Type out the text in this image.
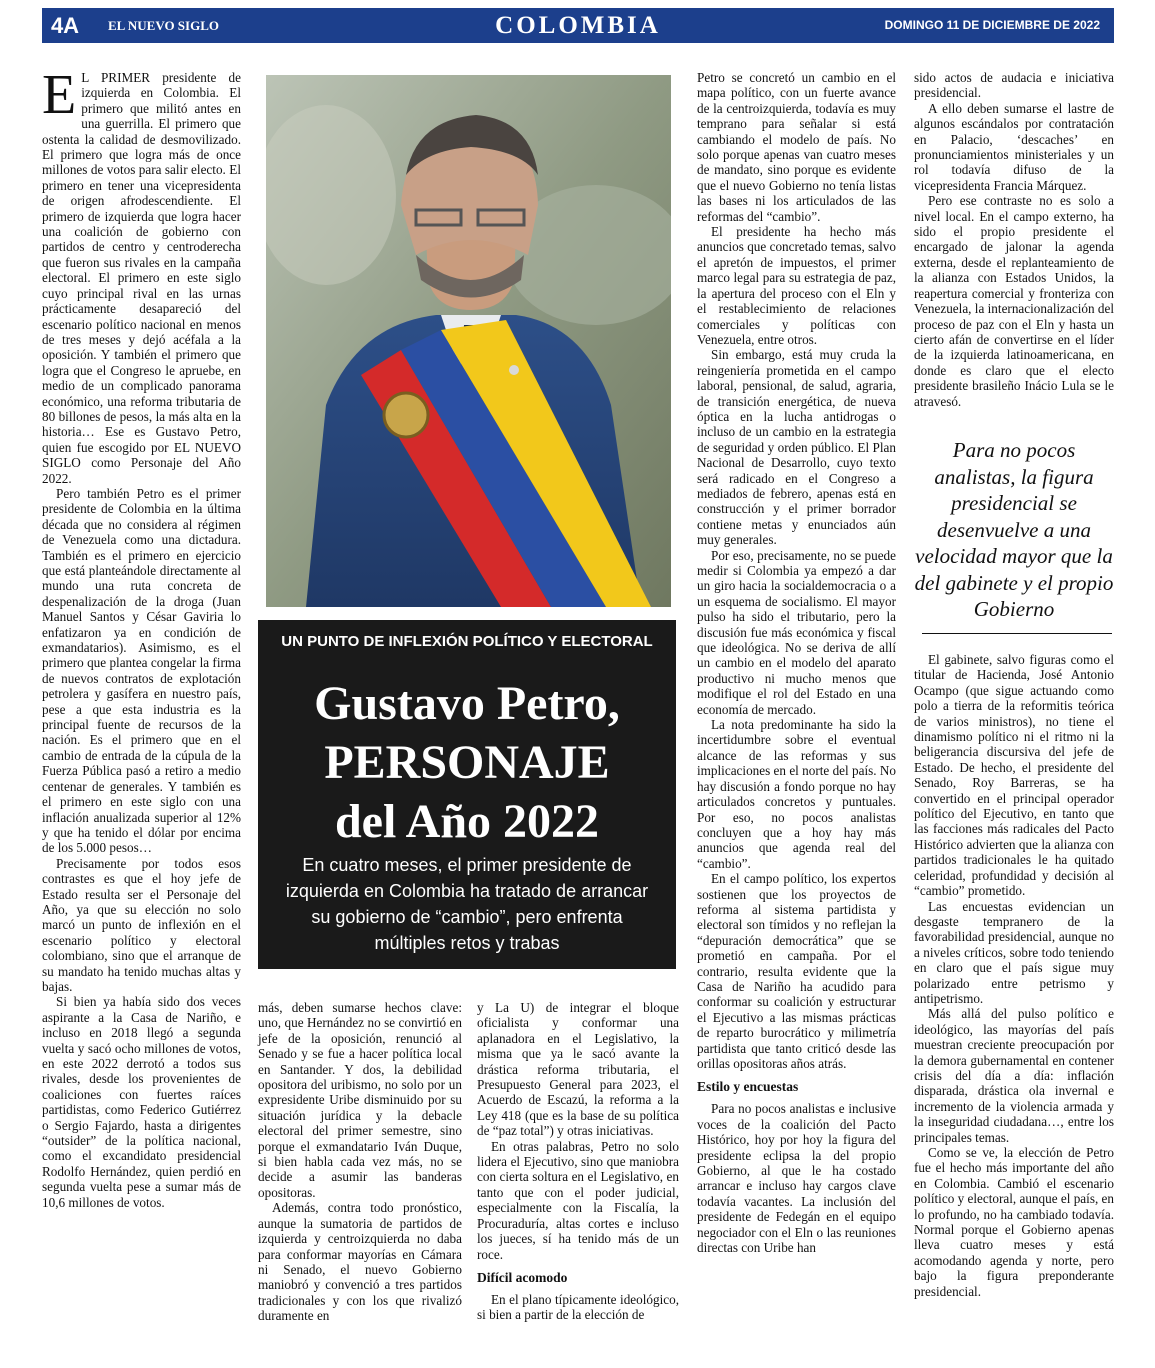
COLOMBIA
4A	EL NUEVO SIGLO	DOMINGO 11 DE DICIEMBRE DE 2022

EL PRIMER presidente de izquierda en Colombia. El primero que militó antes en una guerrilla. El primero que ostenta la calidad de desmovilizado. El primero que logra más de once millones de votos para salir electo. El primero en tener una vicepresidenta de origen afrodescendiente. El primero de izquierda que logra hacer una coalición de gobierno con partidos de centro y centroderecha que fueron sus rivales en la campaña electoral. El primero en este siglo cuyo principal rival en las urnas prácticamente desapareció del escenario político nacional en menos de tres meses y dejó acéfala a la oposición. Y también el primero que logra que el Congreso le apruebe, en medio de un complicado panorama económico, una reforma tributaria de 80 billones de pesos, la más alta en la historia… Ese es Gustavo Petro, quien fue escogido por EL NUEVO SIGLO como Personaje del Año 2022.

Pero también Petro es el primer presidente de Colombia en la última década que no considera al régimen de Venezuela como una dictadura. También es el primero en ejercicio que está planteándole directamente al mundo una ruta concreta de despenalización de la droga (Juan Manuel Santos y César Gaviria lo enfatizaron ya en condición de exmandatarios). Asimismo, es el primero que plantea congelar la firma de nuevos contratos de explotación petrolera y gasífera en nuestro país, pese a que esta industria es la principal fuente de recursos de la nación. Es el primero que en el cambio de entrada de la cúpula de la Fuerza Pública pasó a retiro a medio centenar de generales. Y también es el primero en este siglo con una inflación anualizada superior al 12% y que ha tenido el dólar por encima de los 5.000 pesos…

Precisamente por todos esos contrastes es que el hoy jefe de Estado resulta ser el Personaje del Año, ya que su elección no solo marcó un punto de inflexión en el escenario político y electoral colombiano, sino que el arranque de su mandato ha tenido muchas altas y bajas.

Si bien ya había sido dos veces aspirante a la Casa de Nariño, e incluso en 2018 llegó a segunda vuelta y sacó ocho millones de votos, en este 2022 derrotó a todos sus rivales, desde los provenientes de coaliciones con fuertes raíces partidistas, como Federico Gutiérrez o Sergio Fajardo, hasta a dirigentes “outsider” de la política nacional, como el excandidato presidencial Rodolfo Hernández, quien perdió en segunda vuelta pese a sumar más de 10,6 millones de votos.

UN PUNTO DE INFLEXIÓN POLÍTICO Y ELECTORAL
Gustavo Petro,
PERSONAJE
del Año 2022
En cuatro meses, el primer presidente de izquierda en Colombia ha tratado de arrancar su gobierno de “cambio”, pero enfrenta múltiples retos y trabas

más, deben sumarse hechos clave: uno, que Hernández no se convirtió en jefe de la oposición, renunció al Senado y se fue a hacer política local en Santander. Y dos, la debilidad opositora del uribismo, no solo por un expresidente Uribe disminuido por su situación jurídica y la debacle electoral del primer semestre, sino porque el exmandatario Iván Duque, si bien habla cada vez más, no se decide a asumir las banderas opositoras.

Además, contra todo pronóstico, aunque la sumatoria de partidos de izquierda y centroizquierda no daba para conformar mayorías en Cámara ni Senado, el nuevo Gobierno maniobró y convenció a tres partidos tradicionales y con los que rivalizó duramente en

y La U) de integrar el bloque oficialista y conformar una aplanadora en el Legislativo, la misma que ya le sacó avante la drástica reforma tributaria, el Presupuesto General para 2023, el Acuerdo de Escazú, la reforma a la Ley 418 (que es la base de su política de “paz total”) y otras iniciativas.

En otras palabras, Petro no solo lidera el Ejecutivo, sino que maniobra con cierta soltura en el Legislativo, en tanto que con el poder judicial, especialmente con la Fiscalía, la Procuraduría, altas cortes e incluso los jueces, sí ha tenido más de un roce.

Difícil acomodo

En el plano típicamente ideológico, si bien a partir de la elección de

Petro se concretó un cambio en el mapa político, con un fuerte avance de la centroizquierda, todavía es muy temprano para señalar si está cambiando el modelo de país. No solo porque apenas van cuatro meses de mandato, sino porque es evidente que el nuevo Gobierno no tenía listas las bases ni los articulados de las reformas del “cambio”.

El presidente ha hecho más anuncios que concretado temas, salvo el apretón de impuestos, el primer marco legal para su estrategia de paz, la apertura del proceso con el Eln y el restablecimiento de relaciones comerciales y políticas con Venezuela, entre otros.

Sin embargo, está muy cruda la reingeniería prometida en el campo laboral, pensional, de salud, agraria, de transición energética, de nueva óptica en la lucha antidrogas o incluso de un cambio en la estrategia de seguridad y orden público. El Plan Nacional de Desarrollo, cuyo texto será radicado en el Congreso a mediados de febrero, apenas está en construcción y el primer borrador contiene metas y enunciados aún muy generales.

Por eso, precisamente, no se puede medir si Colombia ya empezó a dar un giro hacia la socialdemocracia o a un esquema de socialismo. El mayor pulso ha sido el tributario, pero la discusión fue más económica y fiscal que ideológica. No se deriva de allí un cambio en el modelo del aparato productivo ni mucho menos que modifique el rol del Estado en una economía de mercado.

La nota predominante ha sido la incertidumbre sobre el eventual alcance de las reformas y sus implicaciones en el norte del país. No hay discusión a fondo porque no hay articulados concretos y puntuales. Por eso, no pocos analistas concluyen que a hoy hay más anuncios que agenda real del “cambio”.

En el campo político, los expertos sostienen que los proyectos de reforma al sistema partidista y electoral son tímidos y no reflejan la “depuración democrática” que se prometió en campaña. Por el contrario, resulta evidente que la Casa de Nariño ha acudido para conformar su coalición y estructurar el Ejecutivo a las mismas prácticas de reparto burocrático y milimetría partidista que tanto criticó desde las orillas opositoras años atrás.

Estilo y encuestas

Para no pocos analistas e inclusive voces de la coalición del Pacto Histórico, hoy por hoy la figura del presidente eclipsa la del propio Gobierno, al que le ha costado arrancar e incluso hay cargos clave todavía vacantes. La inclusión del presidente de Fedegán en el equipo negociador con el Eln o las reuniones directas con Uribe han

sido actos de audacia e iniciativa presidencial.

A ello deben sumarse el lastre de algunos escándalos por contratación en Palacio, ‘descaches’ en pronunciamientos ministeriales y un rol todavía difuso de la vicepresidenta Francia Márquez.

Pero ese contraste no es solo a nivel local. En el campo externo, ha sido el propio presidente el encargado de jalonar la agenda externa, desde el replanteamiento de la alianza con Estados Unidos, la reapertura comercial y fronteriza con Venezuela, la internacionalización del proceso de paz con el Eln y hasta un cierto afán de convertirse en el líder de la izquierda latinoamericana, en donde es claro que el electo presidente brasileño Inácio Lula se le atravesó.

Para no pocos analistas, la figura presidencial se desenvuelve a una velocidad mayor que la del gabinete y el propio Gobierno

El gabinete, salvo figuras como el titular de Hacienda, José Antonio Ocampo (que sigue actuando como polo a tierra de la reformitis teórica de varios ministros), no tiene el dinamismo político ni el ritmo ni la beligerancia discursiva del jefe de Estado. De hecho, el presidente del Senado, Roy Barreras, se ha convertido en el principal operador político del Ejecutivo, en tanto que las facciones más radicales del Pacto Histórico advierten que la alianza con partidos tradicionales le ha quitado celeridad, profundidad y decisión al “cambio” prometido.

Las encuestas evidencian un desgaste tempranero de la favorabilidad presidencial, aunque no a niveles críticos, sobre todo teniendo en claro que el país sigue muy polarizado entre petrismo y antipetrismo.

Más allá del pulso político e ideológico, las mayorías del país muestran creciente preocupación por la demora gubernamental en contener crisis del día a día: inflación disparada, drástica ola invernal e incremento de la violencia armada y la inseguridad ciudadana…, entre los principales temas.

Como se ve, la elección de Petro fue el hecho más importante del año en Colombia. Cambió el escenario político y electoral, aunque el país, en lo profundo, no ha cambiado todavía. Normal porque el Gobierno apenas lleva cuatro meses y está acomodando agenda y norte, pero bajo la figura preponderante presidencial.
